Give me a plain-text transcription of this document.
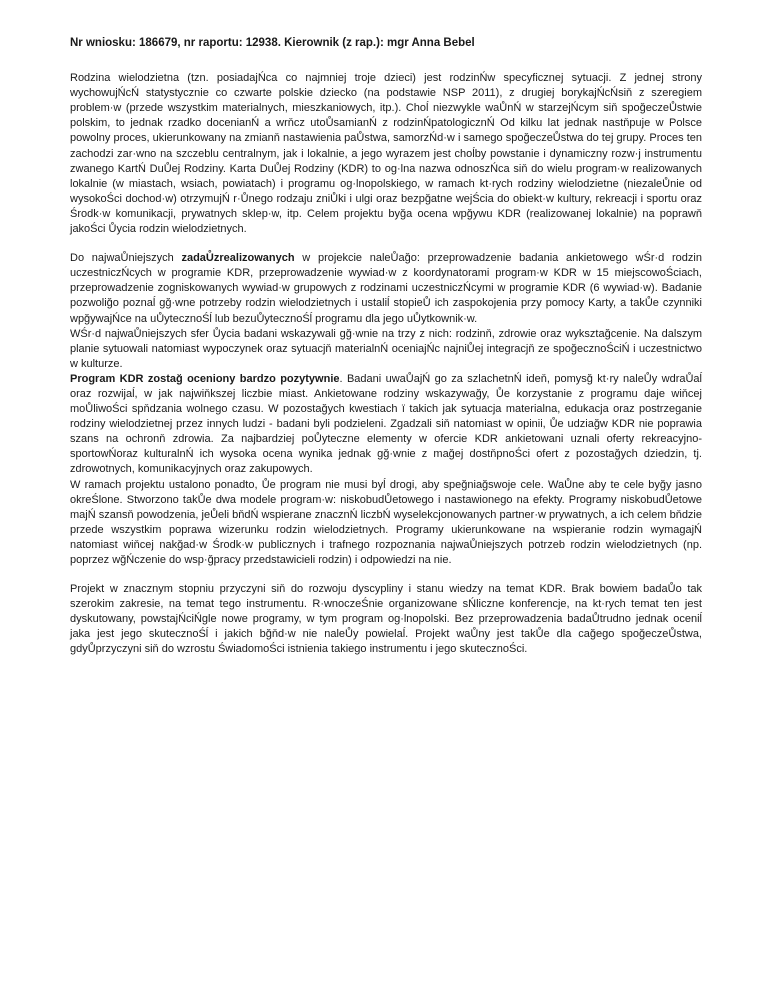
Nr wniosku: 186679, nr raportu: 12938. Kierownik (z rap.): mgr Anna Bebel

Rodzina wielodzietna (tzn. posiadajŃca co najmniej troje dzieci) jest rodzinŃw specyficznej sytuacji. Z jednej strony wychowujŃcŃ statystycznie co czwarte polskie dziecko (na podstawie NSP 2011), z drugiej borykajŃcŃsiň z szeregiem problem·w (przede wszystkim materialnych, mieszkaniowych, itp.). Choĺ niezwykle waŮnŃ w starzejŃcym siň spoğeczeŮstwie polskim, to jednak rzadko docenianŃ a wrňcz utoŮsamianŃ z rodzinŃpatologicznŃ Od kilku lat jednak nastňpuje w Polsce powolny proces, ukierunkowany na zmianň nastawienia paŮstwa, samorzŃd·w i samego spoğeczeŮstwa do tej grupy. Proces ten zachodzi zar·wno na szczeblu centralnym, jak i lokalnie, a jego wyrazem jest choĺby powstanie i dynamiczny rozw·j instrumentu zwanego KartŃ DuŮej Rodziny. Karta DuŮej Rodziny (KDR) to og·lna nazwa odnoszŃca siň do wielu program·w realizowanych lokalnie (w miastach, wsiach, powiatach) i programu og·lnopolskiego, w ramach kt·rych rodziny wielodzietne (niezaleŮnie od wysokoŚci dochod·w) otrzymujŃ r·Ůnego rodzaju zniŮki i ulgi oraz bezpğatne wejŚcia do obiekt·w kultury, rekreacji i sportu oraz Środk·w komunikacji, prywatnych sklep·w, itp. Celem projektu byğa ocena wpğywu KDR (realizowanej lokalnie) na poprawň jakoŚci Ůycia rodzin wielodzietnych.

Do najwaŮniejszych zadaŮzrealizowanych w projekcie naleŮağo: przeprowadzenie badania ankietowego wŚr·d rodzin uczestniczŃcych w programie KDR, przeprowadzenie wywiad·w z koordynatorami program·w KDR w 15 miejscowoŚciach, przeprowadzenie zogniskowanych wywiad·w grupowych z rodzinami uczestniczŃcymi w programie KDR (6 wywiad·w). Badanie pozwoliğo poznaĺ gğ·wne potrzeby rodzin wielodzietnych i ustaliĺ stopieŮ ich zaspokojenia przy pomocy Karty, a takŮe czynniki wpğywajŃce na uŮytecznoŚĺ lub bezuŮytecznoŚĺ programu dla jego uŮytkownik·w.

WŚr·d najwaŮniejszych sfer Ůycia badani wskazywali gğ·wnie na trzy z nich: rodzinň, zdrowie oraz wyksztağcenie. Na dalszym planie sytuowali natomiast wypoczynek oraz sytuacjň materialnŃ oceniajŃc najniŮej integracjň ze spoğecznoŚciŃ i uczestnictwo w kulturze.

Program KDR zostağ oceniony bardzo pozytywnie. Badani uwaŮajŃ go za szlachetnŃ ideň, pomysğ kt·ry naleŮy wdraŮaĺ oraz rozwijaĺ, w jak najwiňkszej liczbie miast. Ankietowane rodziny wskazywağy, Ůe korzystanie z programu daje wiňcej moŮliwoŚci spňdzania wolnego czasu. W pozostağych kwestiach ï takich jak sytuacja materialna, edukacja oraz postrzeganie rodziny wielodzietnej przez innych ludzi - badani byli podzieleni. Zgadzali siň natomiast w opinii, Ůe udziağw KDR nie poprawia szans na ochronň zdrowia. Za najbardziej poŮyteczne elementy w ofercie KDR ankietowani uznali oferty rekreacyjno-sportowŃoraz kulturalnŃ ich wysoka ocena wynika jednak gğ·wnie z mağej dostňpnoŚci ofert z pozostağych dziedzin, tj. zdrowotnych, komunikacyjnych oraz zakupowych.

W ramach projektu ustalono ponadto, Ůe program nie musi byĺ drogi, aby speğniağswoje cele. WaŮne aby te cele byğy jasno okreŚlone. Stworzono takŮe dwa modele program·w: niskobudŮetowego i nastawionego na efekty. Programy niskobudŮetowe majŃ szansň powodzenia, jeŮeli bňdŃ wspierane znacznŃ liczbŃ wyselekcjonowanych partner·w prywatnych, a ich celem bňdzie przede wszystkim poprawa wizerunku rodzin wielodzietnych. Programy ukierunkowane na wspieranie rodzin wymagajŃ natomiast wiňcej nakğad·w Środk·w publicznych i trafnego rozpoznania najwaŮniejszych potrzeb rodzin wielodzietnych (np. poprzez wğŃczenie do wsp·ğpracy przedstawicieli rodzin) i odpowiedzi na nie.

Projekt w znacznym stopniu przyczyni siň do rozwoju dyscypliny i stanu wiedzy na temat KDR. Brak bowiem badaŮo tak szerokim zakresie, na temat tego instrumentu. R·wnoczeŚnie organizowane sŃliczne konferencje, na kt·rych temat ten jest dyskutowany, powstajŃciŃgle nowe programy, w tym program og·lnopolski. Bez przeprowadzenia badaŮtrudno jednak oceniĺ jaka jest jego skutecznoŚĺ i jakich bğňd·w nie naleŮy powielaĺ. Projekt waŮny jest takŮe dla cağego spoğeczeŮstwa, gdyŮprzyczyni siň do wzrostu ŚwiadomoŚci istnienia takiego instrumentu i jego skutecznoŚci.
